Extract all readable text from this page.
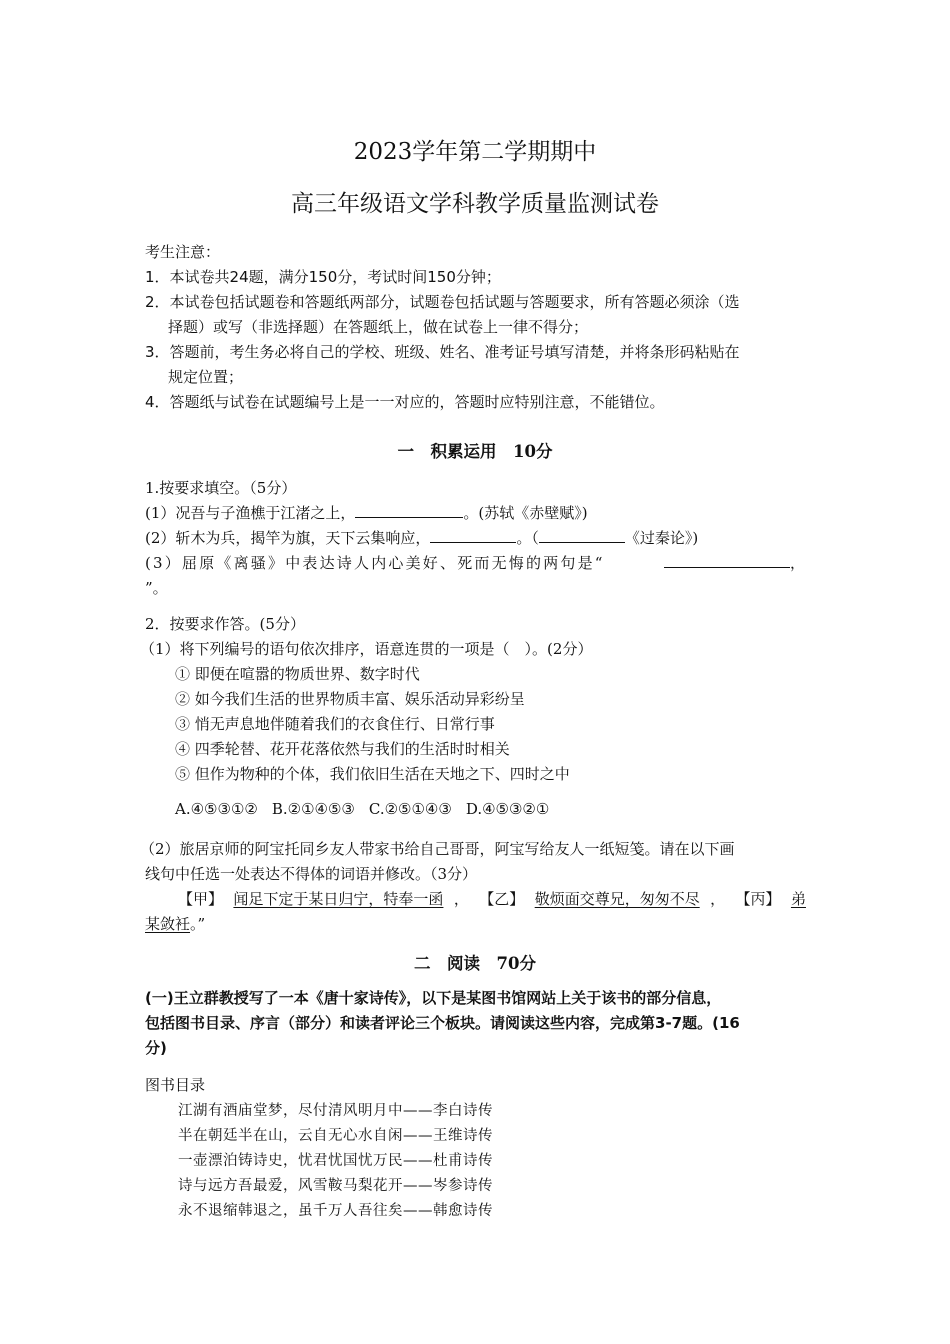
2023学年第二学期期中
高三年级语文学科教学质量监测试卷
考生注意：
1．本试卷共24题，满分150分，考试时间150分钟；
2．本试卷包括试题卷和答题纸两部分，试题卷包括试题与答题要求，所有答题必须涂（选
择题）或写（非选择题）在答题纸上，做在试卷上一律不得分；
3．答题前，考生务必将自己的学校、班级、姓名、准考证号填写清楚，并将条形码粘贴在
规定位置；
4．答题纸与试卷在试题编号上是一一对应的，答题时应特别注意，不能错位。
一　积累运用　10分
1.按要求填空。（5分）
(1）况吾与子渔樵于江渚之上，	。(苏轼《赤壁赋》)
(2）斩木为兵，揭竿为旗，天下云集响应，	。（	《过秦论》)
(3）屈原《离骚》中表达诗人内心美好、死而无悔的两句是“	，
”。
2．按要求作答。(5分）
（1）将下列编号的语句依次排序，语意连贯的一项是（　）。(2分）
① 即便在喧嚣的物质世界、数字时代
② 如今我们生活的世界物质丰富、娱乐活动异彩纷呈
③ 悄无声息地伴随着我们的衣食住行、日常行事
④ 四季轮替、花开花落依然与我们的生活时时相关
⑤ 但作为物种的个体，我们依旧生活在天地之下、四时之中
A.④⑤③①② B.②①④⑤③ C.②⑤①④③ D.④⑤③②①
（2）旅居京师的阿宝托同乡友人带家书给自己哥哥，阿宝写给友人一纸短笺。请在以下画
线句中任选一处表达不得体的词语并修改。（3分）
【甲】 闻足下定于某日归宁，特奉一函 ， 【乙】 敬烦面交尊兄，匆匆不尽 ， 【丙】 弟
某敛衽。”
二　阅读　70分
(一)王立群教授写了一本《唐十家诗传》，以下是某图书馆网站上关于该书的部分信息，
包括图书目录、序言（部分）和读者评论三个板块。请阅读这些内容，完成第3-7题。(16
分)
图书目录
江湖有酒庙堂梦，尽付清风明月中——李白诗传
半在朝廷半在山，云自无心水自闲——王维诗传
一壶漂泊铸诗史，忧君忧国忧万民——杜甫诗传
诗与远方吾最爱，风雪鞍马梨花开——岑参诗传
永不退缩韩退之，虽千万人吾往矣——韩愈诗传
